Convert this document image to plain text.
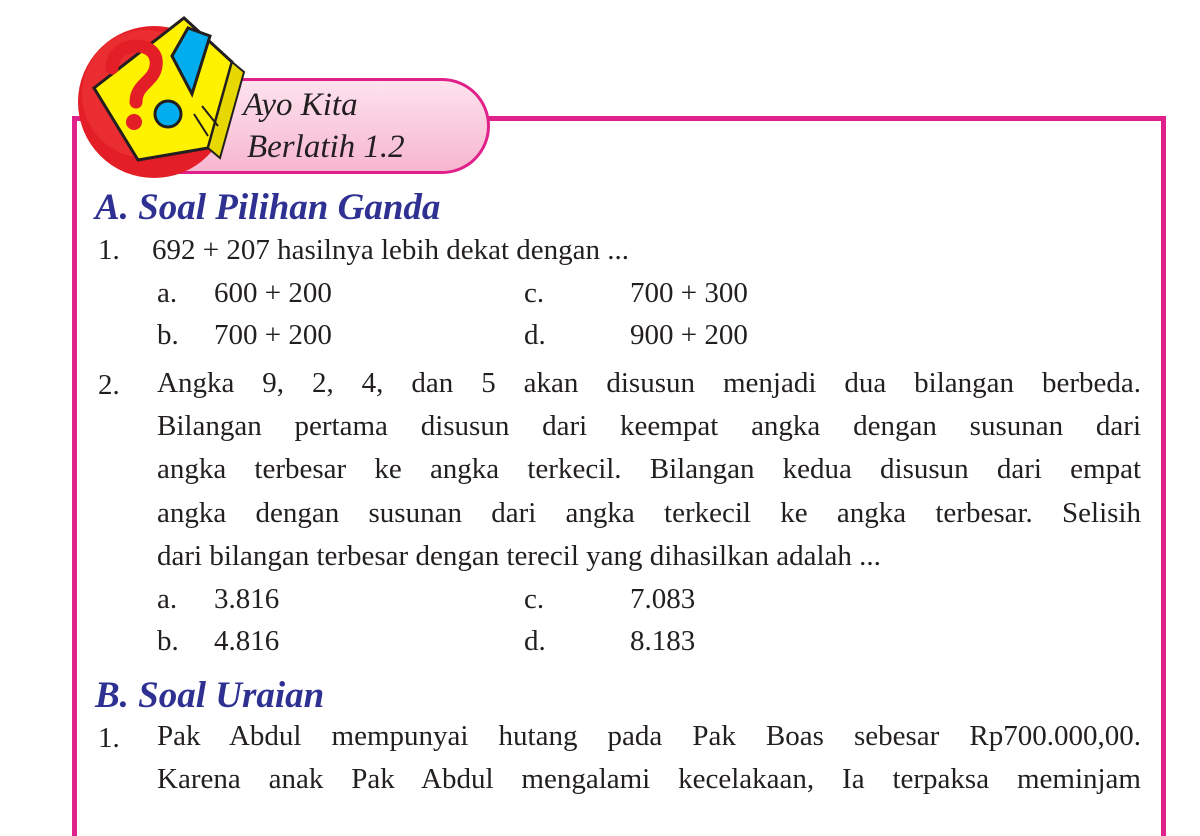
Ayo Kita
Berlatih 1.2
A. Soal Pilihan Ganda
1. 692 + 207 hasilnya lebih dekat dengan ...
a. 600 + 200	c.	700 + 300
b. 700 + 200	d.	900 + 200
2. Angka 9, 2, 4, dan 5 akan disusun menjadi dua bilangan berbeda.
Bilangan pertama disusun dari keempat angka dengan susunan dari
angka terbesar ke angka terkecil. Bilangan kedua disusun dari empat
angka dengan susunan dari angka terkecil ke angka terbesar. Selisih
dari bilangan terbesar dengan terecil yang dihasilkan adalah ...
a. 3.816	c.	7.083
b. 4.816	d.	8.183
B. Soal Uraian
1. Pak Abdul mempunyai hutang pada Pak Boas sebesar Rp700.000,00.
Karena anak Pak Abdul mengalami kecelakaan, Ia terpaksa meminjam
